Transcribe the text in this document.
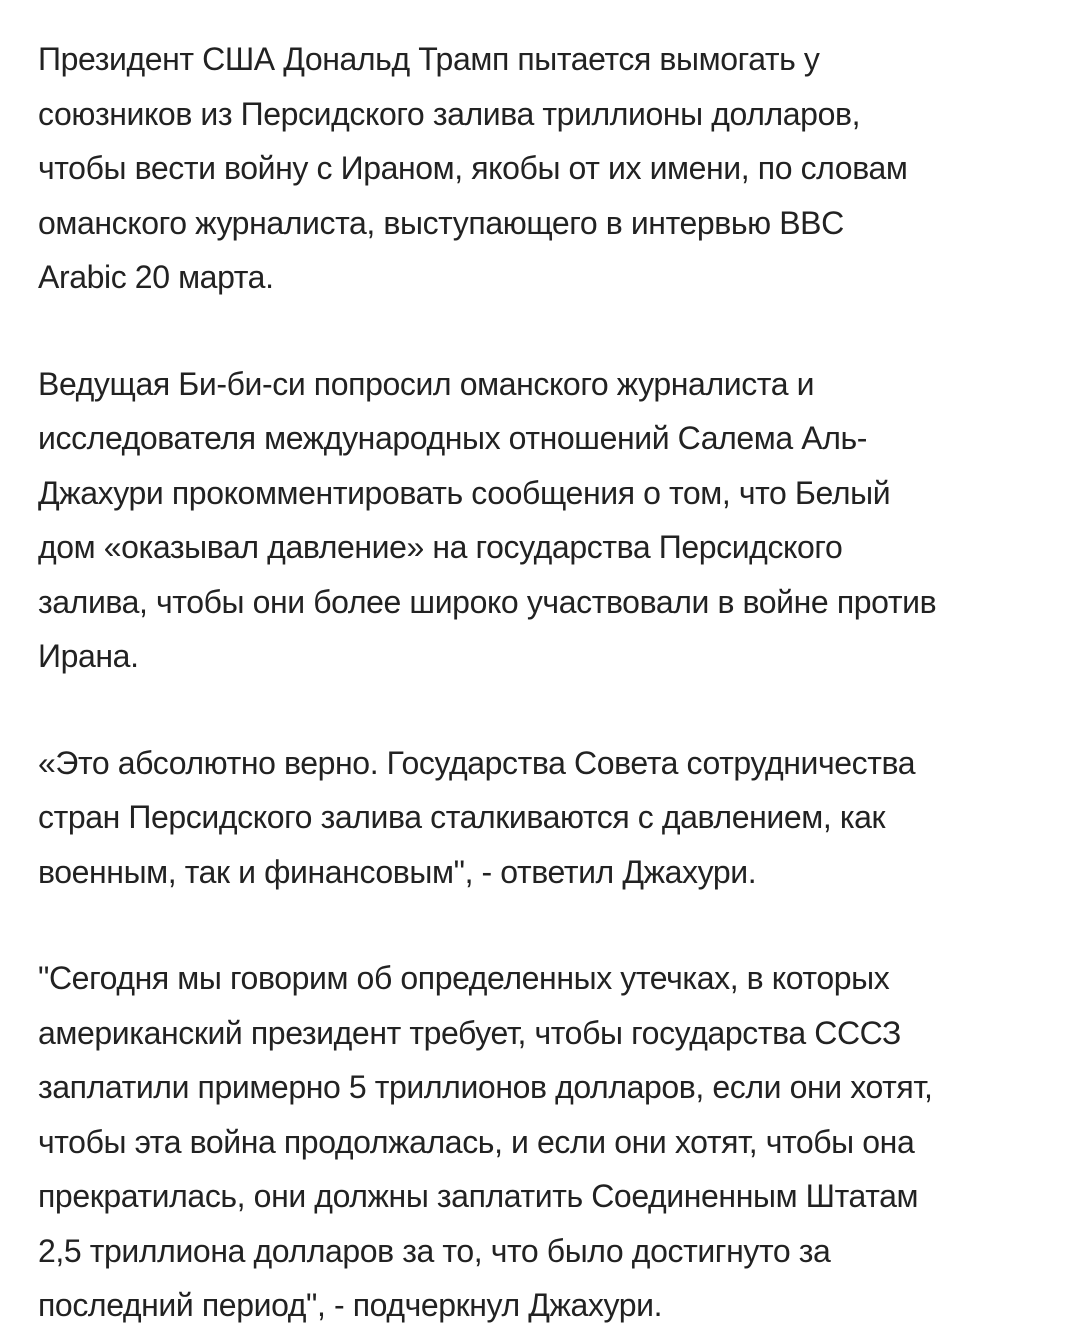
Президент США Дональд Трамп пытается вымогать у
союзников из Персидского залива триллионы долларов,
чтобы вести войну с Ираном, якобы от их имени, по словам
оманского журналиста, выступающего в интервью BBC
Arabic 20 марта.

Ведущая Би-би-си попросил оманского журналиста и
исследователя международных отношений Салема Аль-
Джахури прокомментировать сообщения о том, что Белый
дом «оказывал давление» на государства Персидского
залива, чтобы они более широко участвовали в войне против
Ирана.

«Это абсолютно верно. Государства Совета сотрудничества
стран Персидского залива сталкиваются с давлением, как
военным, так и финансовым", - ответил Джахури.

"Сегодня мы говорим об определенных утечках, в которых
американский президент требует, чтобы государства СССЗ
заплатили примерно 5 триллионов долларов, если они хотят,
чтобы эта война продолжалась, и если они хотят, чтобы она
прекратилась, они должны заплатить Соединенным Штатам
2,5 триллиона долларов за то, что было достигнуто за
последний период", - подчеркнул Джахури.
